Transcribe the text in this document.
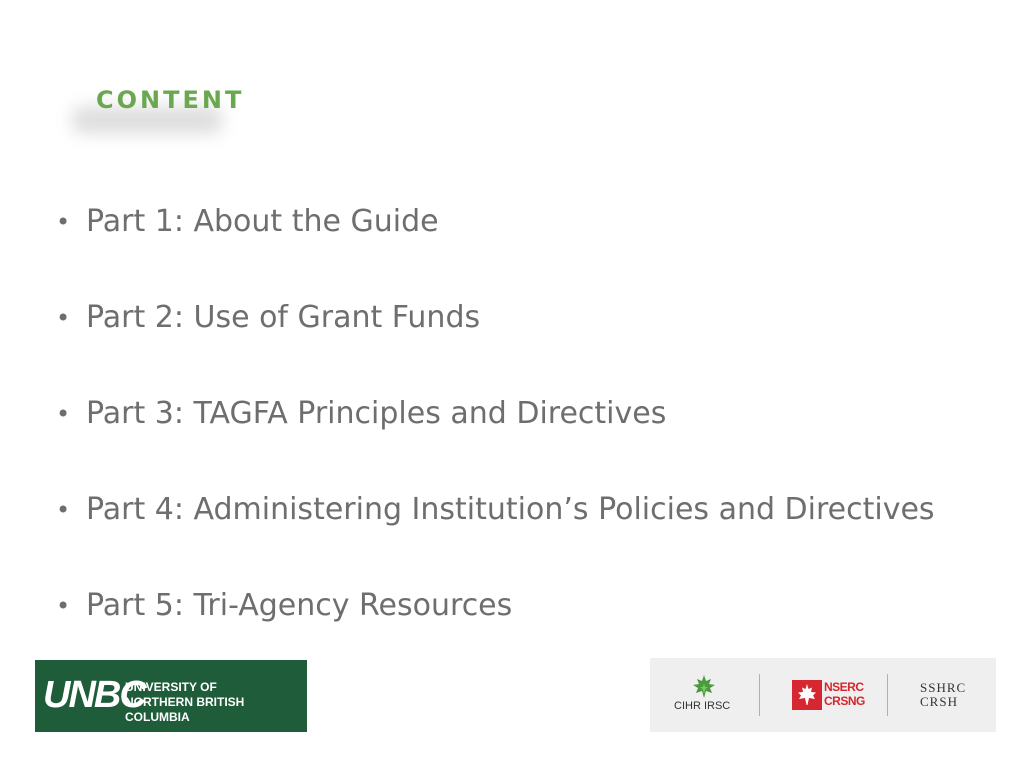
CONTENT
• Part 1: About the Guide
• Part 2: Use of Grant Funds
• Part 3: TAGFA Principles and Directives
• Part 4: Administering Institution’s Policies and Directives
• Part 5: Tri-Agency Resources
UNBC
UNIVERSITY OF
NORTHERN BRITISH COLUMBIA
CIHR IRSC
NSERC
CRSNG
SSHRC
CRSH
